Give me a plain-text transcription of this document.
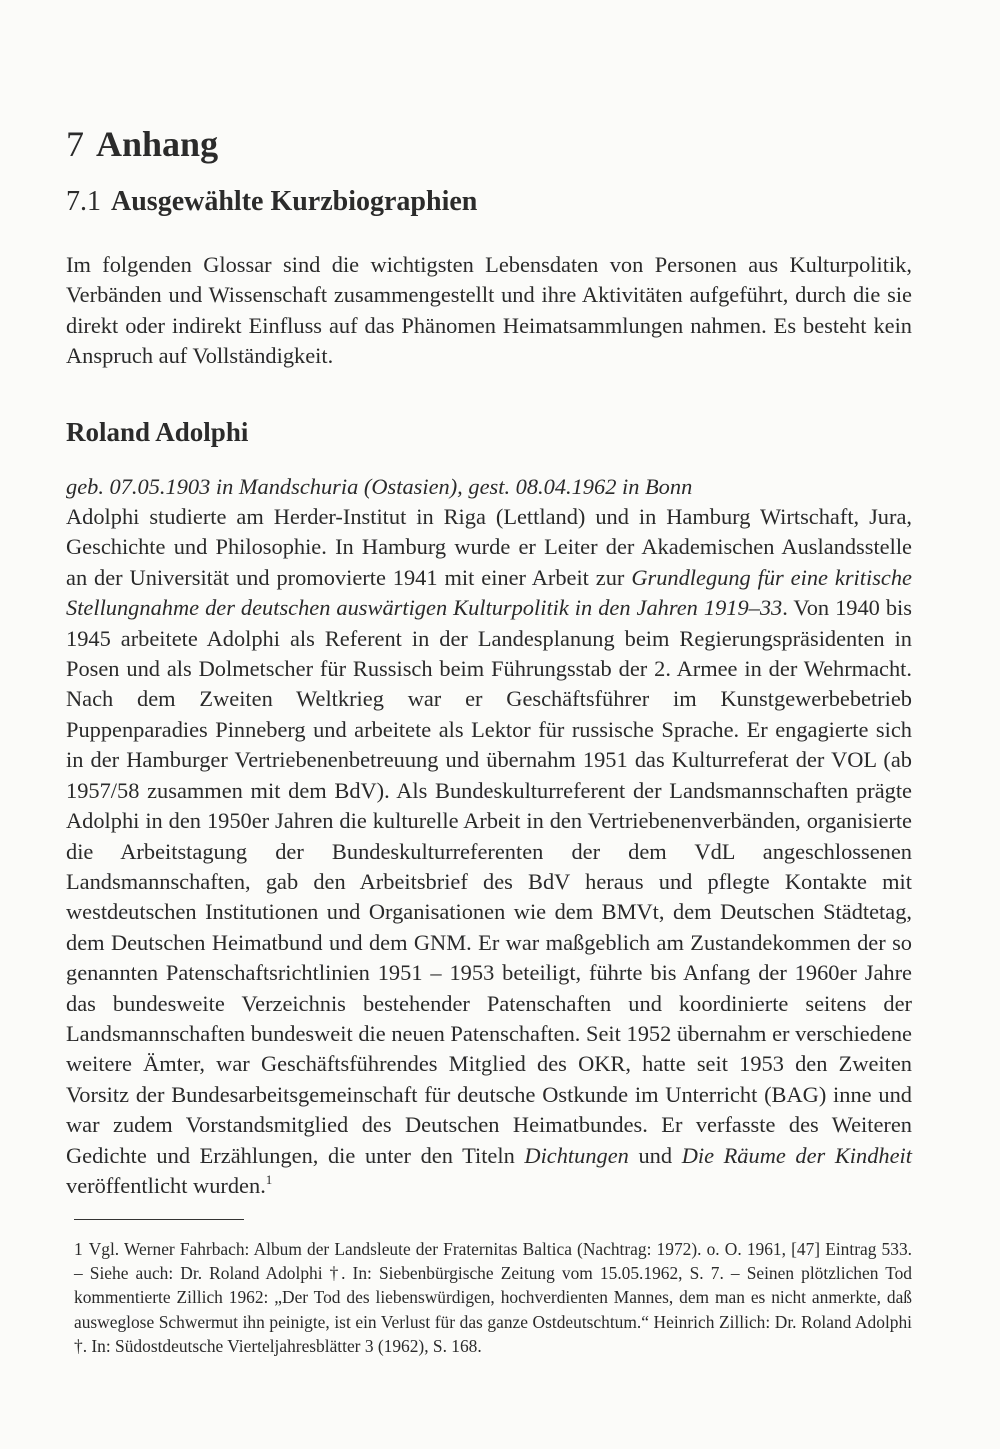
7 Anhang
7.1 Ausgewählte Kurzbiographien

Im folgenden Glossar sind die wichtigsten Lebensdaten von Personen aus Kulturpolitik, Verbänden und Wissenschaft zusammengestellt und ihre Aktivitäten aufgeführt, durch die sie direkt oder indirekt Einfluss auf das Phänomen Heimatsammlungen nahmen. Es besteht kein Anspruch auf Vollständigkeit.

Roland Adolphi

geb. 07.05.1903 in Mandschuria (Ostasien), gest. 08.04.1962 in Bonn

Adolphi studierte am Herder-Institut in Riga (Lettland) und in Hamburg Wirtschaft, Jura, Geschichte und Philosophie. In Hamburg wurde er Leiter der Akademischen Auslandsstelle an der Universität und promovierte 1941 mit einer Arbeit zur Grundlegung für eine kritische Stellungnahme der deutschen auswärtigen Kulturpolitik in den Jahren 1919–33. Von 1940 bis 1945 arbeitete Adolphi als Referent in der Landesplanung beim Regierungspräsidenten in Posen und als Dolmetscher für Russisch beim Führungsstab der 2. Armee in der Wehrmacht. Nach dem Zweiten Weltkrieg war er Geschäftsführer im Kunstgewerbebetrieb Puppenparadies Pinneberg und arbeitete als Lektor für russische Sprache. Er engagierte sich in der Hamburger Vertriebenenbetreuung und übernahm 1951 das Kulturreferat der VOL (ab 1957/58 zusammen mit dem BdV). Als Bundeskulturreferent der Landsmannschaften prägte Adolphi in den 1950er Jahren die kulturelle Arbeit in den Vertriebenenverbänden, organisierte die Arbeitstagung der Bundeskulturreferenten der dem VdL angeschlossenen Landsmannschaften, gab den Arbeitsbrief des BdV heraus und pflegte Kontakte mit westdeutschen Institutionen und Organisationen wie dem BMVt, dem Deutschen Städtetag, dem Deutschen Heimatbund und dem GNM. Er war maßgeblich am Zustandekommen der so genannten Patenschaftsrichtlinien 1951 – 1953 beteiligt, führte bis Anfang der 1960er Jahre das bundesweite Verzeichnis bestehender Patenschaften und koordinierte seitens der Landsmannschaften bundesweit die neuen Patenschaften. Seit 1952 übernahm er verschiedene weitere Ämter, war Geschäftsführendes Mitglied des OKR, hatte seit 1953 den Zweiten Vorsitz der Bundesarbeitsgemeinschaft für deutsche Ostkunde im Unterricht (BAG) inne und war zudem Vorstandsmitglied des Deutschen Heimatbundes. Er verfasste des Weiteren Gedichte und Erzählungen, die unter den Titeln Dichtungen und Die Räume der Kindheit veröffentlicht wurden.$^1$

1 Vgl. Werner Fahrbach: Album der Landsleute der Fraternitas Baltica (Nachtrag: 1972). o. O. 1961, [47] Eintrag 533. – Siehe auch: Dr. Roland Adolphi †. In: Siebenbürgische Zeitung vom 15.05.1962, S. 7. – Seinen plötzlichen Tod kommentierte Zillich 1962: „Der Tod des liebenswürdigen, hochverdienten Mannes, dem man es nicht anmerkte, daß ausweglose Schwermut ihn peinigte, ist ein Verlust für das ganze Ostdeutschtum.“ Heinrich Zillich: Dr. Roland Adolphi †. In: Südostdeutsche Vierteljahresblätter 3 (1962), S. 168.
